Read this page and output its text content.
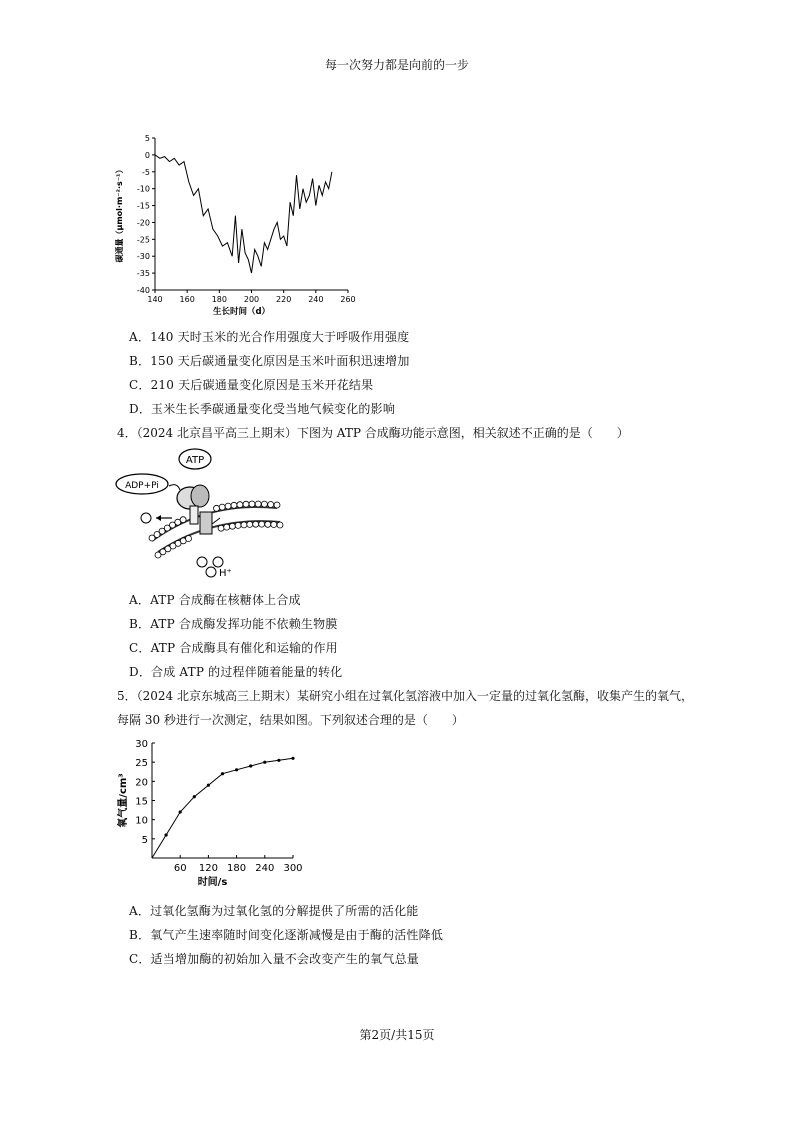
每一次努力都是向前的一步
5
0
-5
-10
-15
-20
-25
-30
-35
-40
140 160 180 200 220 240 260
生长时间（d）
碳通量（μmol·m⁻²·s⁻¹）
A．140 天时玉米的光合作用强度大于呼吸作用强度
B．150 天后碳通量变化原因是玉米叶面积迅速增加
C．210 天后碳通量变化原因是玉米开花结果
D．玉米生长季碳通量变化受当地气候变化的影响
4．（2024 北京昌平高三上期末）下图为 ATP 合成酶功能示意图，相关叙述不正确的是（　　）
ATP
ADP+Pi
H⁺
A．ATP 合成酶在核糖体上合成
B．ATP 合成酶发挥功能不依赖生物膜
C．ATP 合成酶具有催化和运输的作用
D．合成 ATP 的过程伴随着能量的转化
5．（2024 北京东城高三上期末）某研究小组在过氧化氢溶液中加入一定量的过氧化氢酶，收集产生的氧气，
每隔 30 秒进行一次测定，结果如图。下列叙述合理的是（　　）
30
25
20
15
10
5
60 120 180 240 300
时间/s
氧气量/cm³
A．过氧化氢酶为过氧化氢的分解提供了所需的活化能
B．氧气产生速率随时间变化逐渐减慢是由于酶的活性降低
C．适当增加酶的初始加入量不会改变产生的氧气总量
第2页/共15页
